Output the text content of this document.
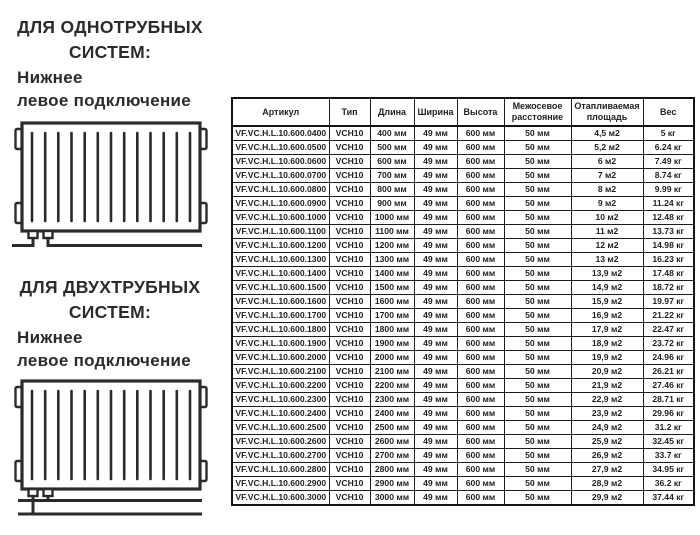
ДЛЯ ОДНОТРУБНЫХ
СИСТЕМ:
Нижнее
левое подключение
ДЛЯ ДВУХТРУБНЫХ
СИСТЕМ:
Нижнее
левое подключение
Артикул	Тип	Длина	Ширина	Высота	Межосевое расстояние	Отапливаемая площадь	Вес
VF.VC.H.L.10.600.0400	VCH10	400 мм	49 мм	600 мм	50 мм	4,5 м2	5 кг
VF.VC.H.L.10.600.0500	VCH10	500 мм	49 мм	600 мм	50 мм	5,2 м2	6.24 кг
VF.VC.H.L.10.600.0600	VCH10	600 мм	49 мм	600 мм	50 мм	6 м2	7.49 кг
VF.VC.H.L.10.600.0700	VCH10	700 мм	49 мм	600 мм	50 мм	7 м2	8.74 кг
VF.VC.H.L.10.600.0800	VCH10	800 мм	49 мм	600 мм	50 мм	8 м2	9.99 кг
VF.VC.H.L.10.600.0900	VCH10	900 мм	49 мм	600 мм	50 мм	9 м2	11.24 кг
VF.VC.H.L.10.600.1000	VCH10	1000 мм	49 мм	600 мм	50 мм	10 м2	12.48 кг
VF.VC.H.L.10.600.1100	VCH10	1100 мм	49 мм	600 мм	50 мм	11 м2	13.73 кг
VF.VC.H.L.10.600.1200	VCH10	1200 мм	49 мм	600 мм	50 мм	12 м2	14.98 кг
VF.VC.H.L.10.600.1300	VCH10	1300 мм	49 мм	600 мм	50 мм	13 м2	16.23 кг
VF.VC.H.L.10.600.1400	VCH10	1400 мм	49 мм	600 мм	50 мм	13,9 м2	17.48 кг
VF.VC.H.L.10.600.1500	VCH10	1500 мм	49 мм	600 мм	50 мм	14,9 м2	18.72 кг
VF.VC.H.L.10.600.1600	VCH10	1600 мм	49 мм	600 мм	50 мм	15,9 м2	19.97 кг
VF.VC.H.L.10.600.1700	VCH10	1700 мм	49 мм	600 мм	50 мм	16,9 м2	21.22 кг
VF.VC.H.L.10.600.1800	VCH10	1800 мм	49 мм	600 мм	50 мм	17,9 м2	22.47 кг
VF.VC.H.L.10.600.1900	VCH10	1900 мм	49 мм	600 мм	50 мм	18,9 м2	23.72 кг
VF.VC.H.L.10.600.2000	VCH10	2000 мм	49 мм	600 мм	50 мм	19,9 м2	24.96 кг
VF.VC.H.L.10.600.2100	VCH10	2100 мм	49 мм	600 мм	50 мм	20,9 м2	26.21 кг
VF.VC.H.L.10.600.2200	VCH10	2200 мм	49 мм	600 мм	50 мм	21,9 м2	27.46 кг
VF.VC.H.L.10.600.2300	VCH10	2300 мм	49 мм	600 мм	50 мм	22,9 м2	28.71 кг
VF.VC.H.L.10.600.2400	VCH10	2400 мм	49 мм	600 мм	50 мм	23,9 м2	29.96 кг
VF.VC.H.L.10.600.2500	VCH10	2500 мм	49 мм	600 мм	50 мм	24,9 м2	31.2 кг
VF.VC.H.L.10.600.2600	VCH10	2600 мм	49 мм	600 мм	50 мм	25,9 м2	32.45 кг
VF.VC.H.L.10.600.2700	VCH10	2700 мм	49 мм	600 мм	50 мм	26,9 м2	33.7 кг
VF.VC.H.L.10.600.2800	VCH10	2800 мм	49 мм	600 мм	50 мм	27,9 м2	34.95 кг
VF.VC.H.L.10.600.2900	VCH10	2900 мм	49 мм	600 мм	50 мм	28,9 м2	36.2 кг
VF.VC.H.L.10.600.3000	VCH10	3000 мм	49 мм	600 мм	50 мм	29,9 м2	37.44 кг
